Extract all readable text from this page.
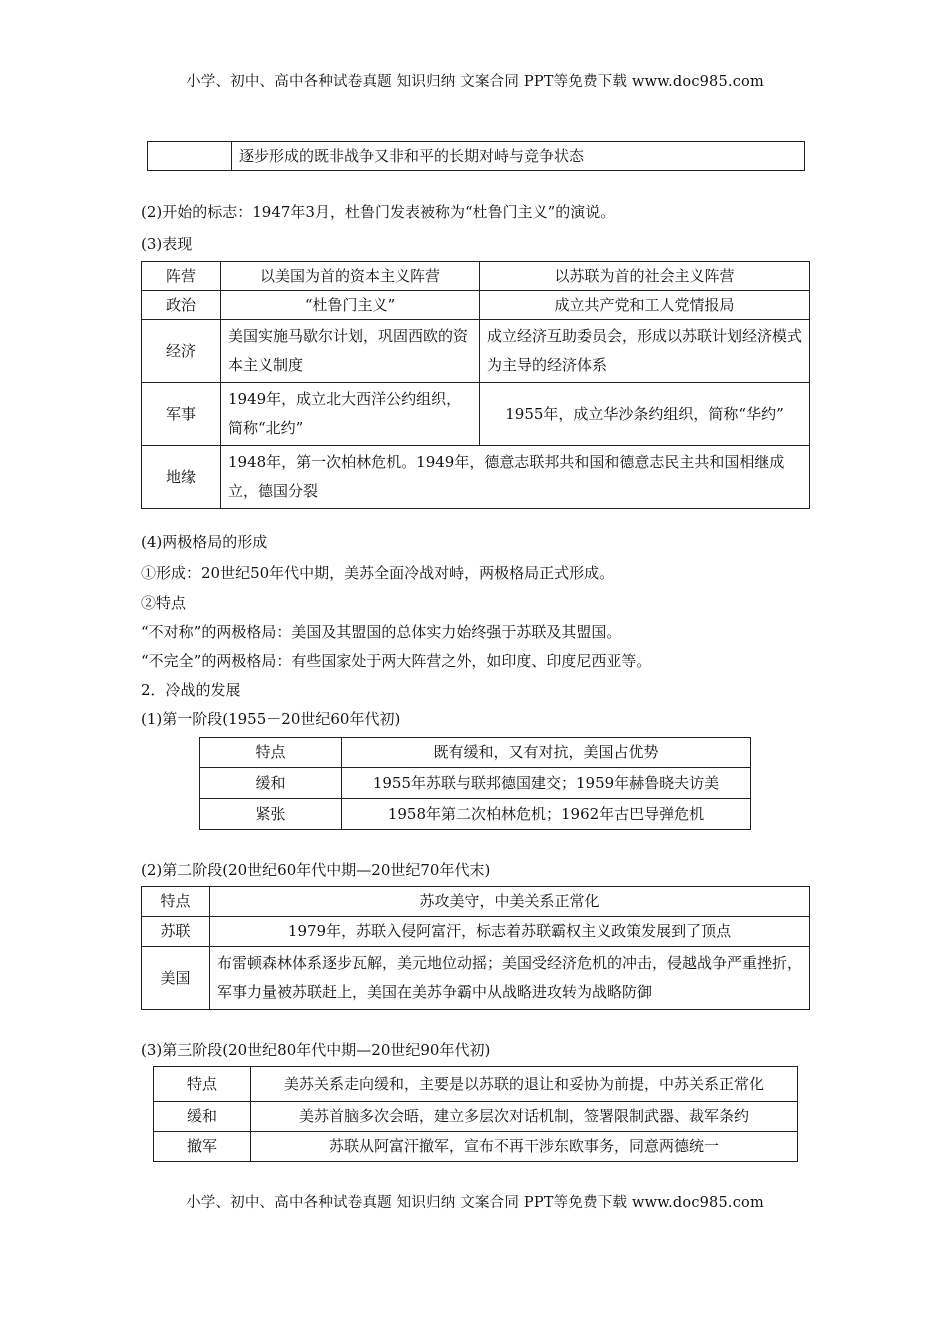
小学、初中、高中各种试卷真题 知识归纳 文案合同 PPT等免费下载 www.doc985.com
	逐步形成的既非战争又非和平的长期对峙与竞争状态
(2)开始的标志：1947年3月，杜鲁门发表被称为“杜鲁门主义”的演说。
(3)表现
阵营	以美国为首的资本主义阵营	以苏联为首的社会主义阵营
政治	“杜鲁门主义”	成立共产党和工人党情报局
经济	美国实施马歇尔计划，巩固西欧的资本主义制度	成立经济互助委员会，形成以苏联计划经济模式为主导的经济体系
军事	1949年，成立北大西洋公约组织，简称“北约”	1955年，成立华沙条约组织，简称“华约”
地缘	1948年，第一次柏林危机。1949年，德意志联邦共和国和德意志民主共和国相继成立，德国分裂	
(4)两极格局的形成
①形成：20世纪50年代中期，美苏全面冷战对峙，两极格局正式形成。
②特点
“不对称”的两极格局：美国及其盟国的总体实力始终强于苏联及其盟国。
“不完全”的两极格局：有些国家处于两大阵营之外，如印度、印度尼西亚等。
2．冷战的发展
(1)第一阶段(1955－20世纪60年代初)
特点	既有缓和，又有对抗，美国占优势
缓和	1955年苏联与联邦德国建交；1959年赫鲁晓夫访美
紧张	1958年第二次柏林危机；1962年古巴导弹危机
(2)第二阶段(20世纪60年代中期—20世纪70年代末)
特点	苏攻美守，中美关系正常化
苏联	1979年，苏联入侵阿富汗，标志着苏联霸权主义政策发展到了顶点
美国	布雷顿森林体系逐步瓦解，美元地位动摇；美国受经济危机的冲击，侵越战争严重挫折，军事力量被苏联赶上，美国在美苏争霸中从战略进攻转为战略防御
(3)第三阶段(20世纪80年代中期—20世纪90年代初)
特点	美苏关系走向缓和，主要是以苏联的退让和妥协为前提，中苏关系正常化
缓和	美苏首脑多次会晤，建立多层次对话机制，签署限制武器、裁军条约
撤军	苏联从阿富汗撤军，宣布不再干涉东欧事务，同意两德统一
小学、初中、高中各种试卷真题 知识归纳 文案合同 PPT等免费下载 www.doc985.com
